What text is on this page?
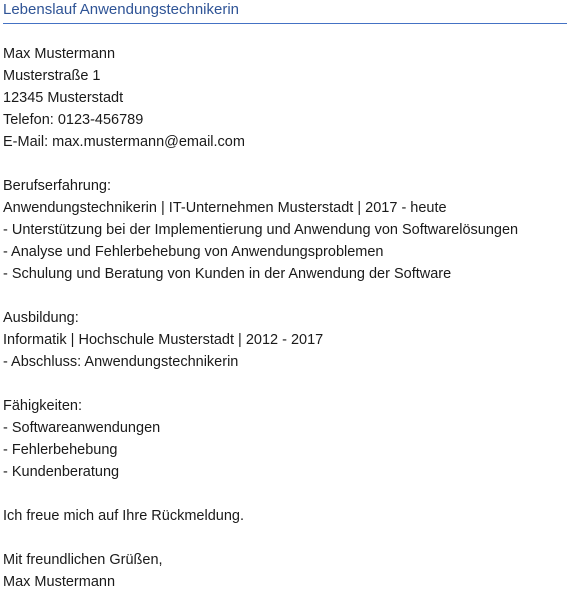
Lebenslauf Anwendungstechnikerin
Max Mustermann
Musterstraße 1
12345 Musterstadt
Telefon: 0123-456789
E-Mail: max.mustermann@email.com
Berufserfahrung:
Anwendungstechnikerin | IT-Unternehmen Musterstadt | 2017 - heute
- Unterstützung bei der Implementierung und Anwendung von Softwarelösungen
- Analyse und Fehlerbehebung von Anwendungsproblemen
- Schulung und Beratung von Kunden in der Anwendung der Software
Ausbildung:
Informatik | Hochschule Musterstadt | 2012 - 2017
- Abschluss: Anwendungstechnikerin
Fähigkeiten:
- Softwareanwendungen
- Fehlerbehebung
- Kundenberatung
Ich freue mich auf Ihre Rückmeldung.
Mit freundlichen Grüßen,
Max Mustermann
